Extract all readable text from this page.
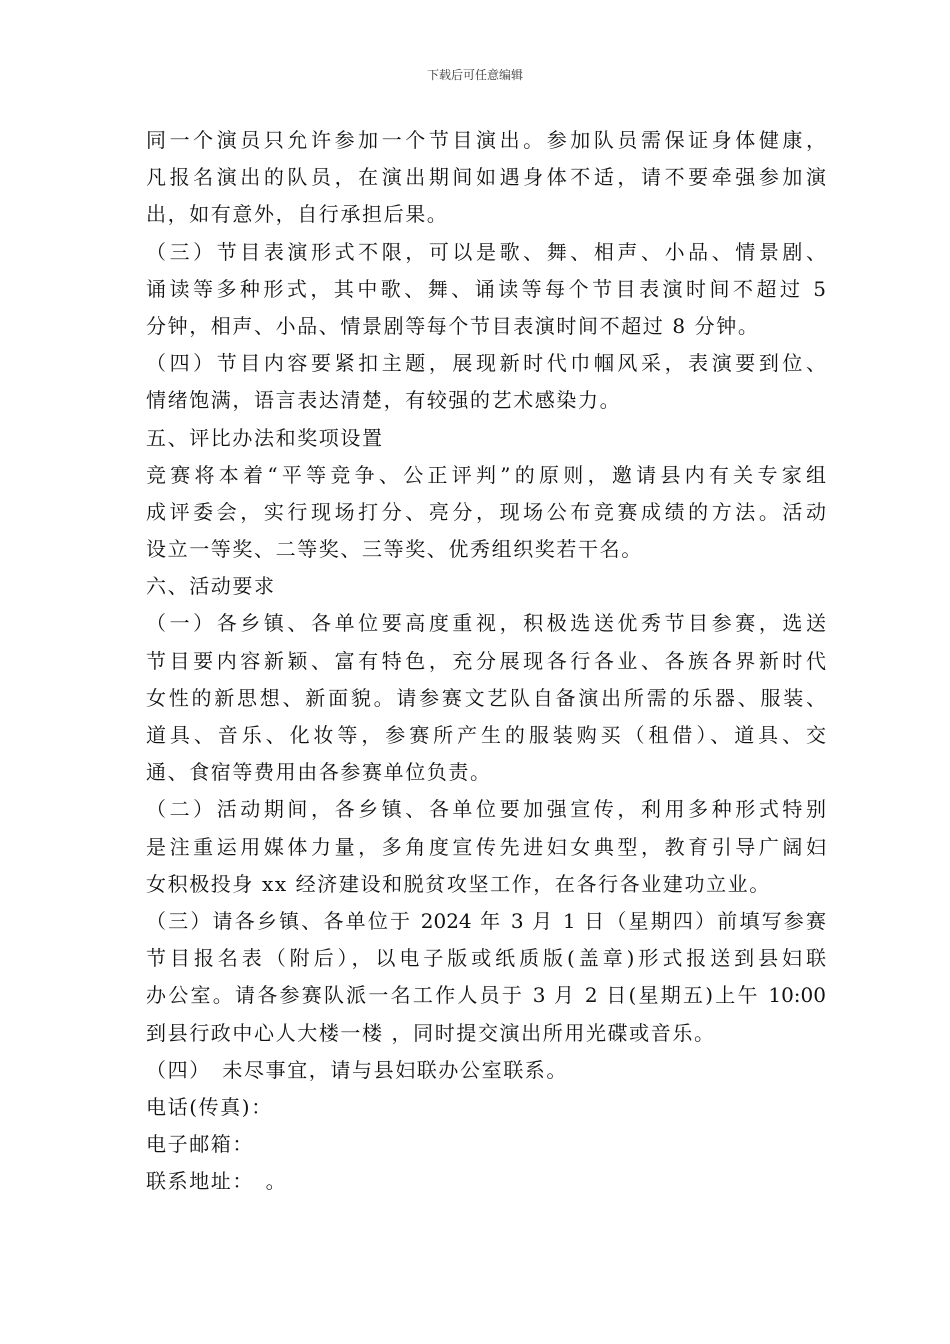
下载后可任意编辑
同一个演员只允许参加一个节目演出。参加队员需保证身体健康，
凡报名演出的队员，在演出期间如遇身体不适，请不要牵强参加演
出，如有意外，自行承担后果。
（三）节目表演形式不限，可以是歌、舞、相声、小品、情景剧、
诵读等多种形式，其中歌、舞、诵读等每个节目表演时间不超过 5
分钟，相声、小品、情景剧等每个节目表演时间不超过 8 分钟。
（四）节目内容要紧扣主题，展现新时代巾帼风采，表演要到位、
情绪饱满，语言表达清楚，有较强的艺术感染力。
五、评比办法和奖项设置
竞赛将本着“平等竞争、公正评判”的原则，邀请县内有关专家组
成评委会，实行现场打分、亮分，现场公布竞赛成绩的方法。活动
设立一等奖、二等奖、三等奖、优秀组织奖若干名。
六、活动要求
（一）各乡镇、各单位要高度重视，积极选送优秀节目参赛，选送
节目要内容新颖、富有特色，充分展现各行各业、各族各界新时代
女性的新思想、新面貌。请参赛文艺队自备演出所需的乐器、服装、
道具、音乐、化妆等，参赛所产生的服装购买（租借）、道具、交
通、食宿等费用由各参赛单位负责。
（二）活动期间，各乡镇、各单位要加强宣传，利用多种形式特别
是注重运用媒体力量，多角度宣传先进妇女典型，教育引导广阔妇
女积极投身 xx 经济建设和脱贫攻坚工作，在各行各业建功立业。
（三）请各乡镇、各单位于 2024 年 3 月 1 日（星期四）前填写参赛
节目报名表（附后），以电子版或纸质版(盖章)形式报送到县妇联
办公室。请各参赛队派一名工作人员于 3 月 2 日(星期五)上午 10:00
到县行政中心人大楼一楼 ，同时提交演出所用光碟或音乐。
（四）　未尽事宜，请与县妇联办公室联系。
电话(传真)：
电子邮箱：
联系地址：　。
